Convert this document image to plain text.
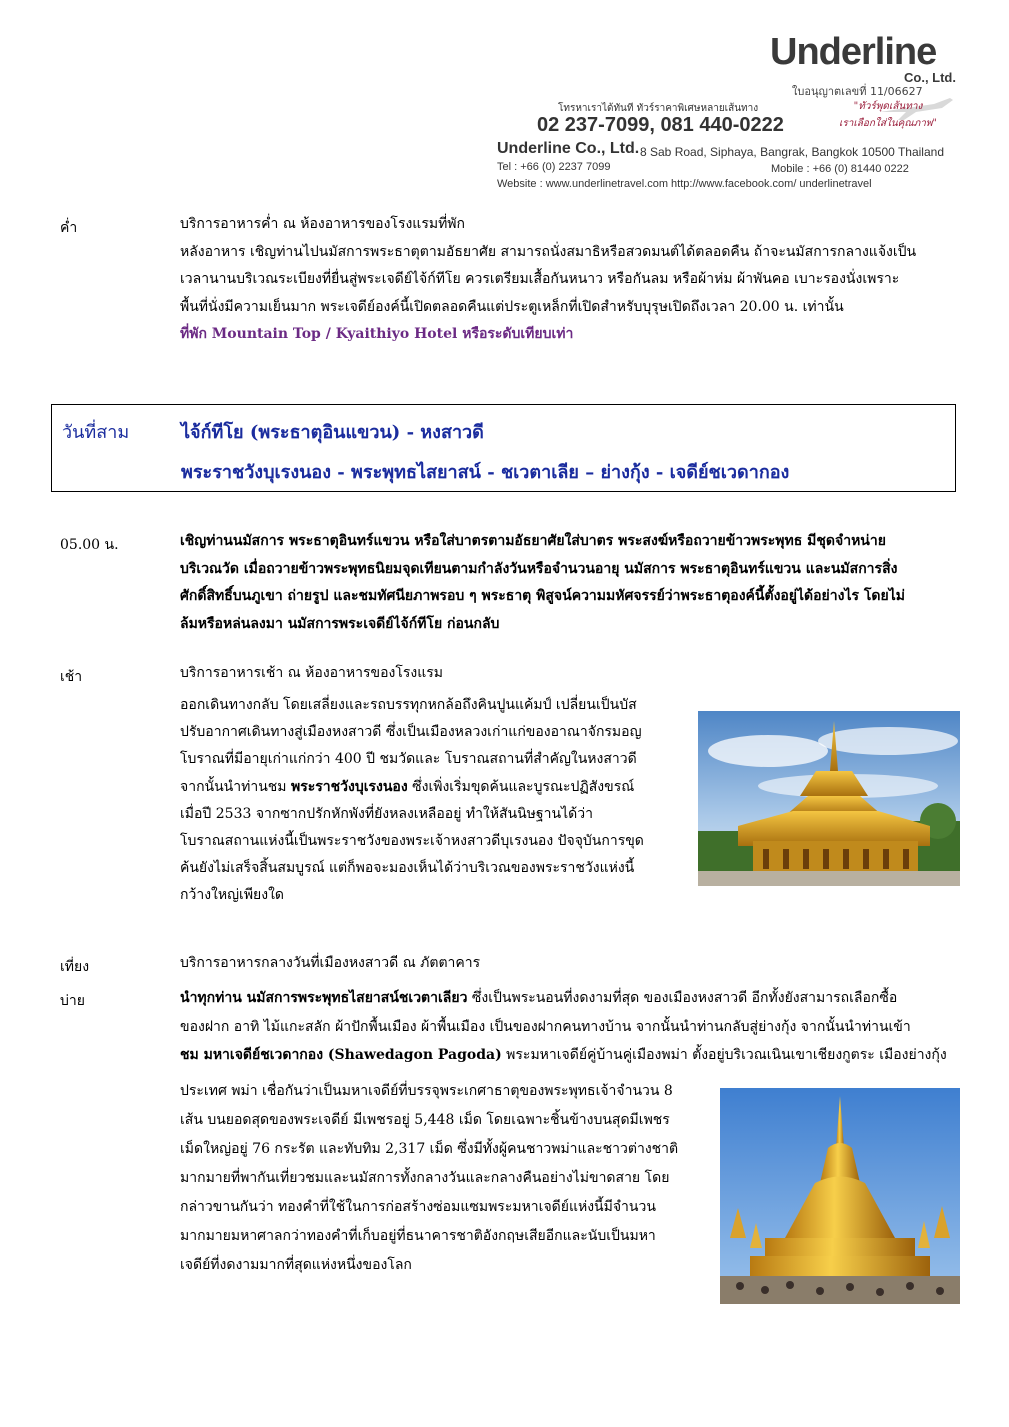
Underline
Co., Ltd.
ใบอนุญาตเลขที่ 11/06627
โทรหาเราได้ทันที ทัวร์ราคาพิเศษหลายเส้นทาง	"ทัวร์พุดเส้นทาง
เราเลือกใส่ในคุณภาพ"
02 237-7099, 081 440-0222
Underline Co., Ltd. 8 Sab Road, Siphaya, Bangrak, Bangkok 10500 Thailand
Tel : +66 (0) 2237 7099	Mobile : +66 (0) 81440 0222
Website : www.underlinetravel.com http://www.facebook.com/ underlinetravel
ค่ำ	บริการอาหารค่ำ ณ ห้องอาหารของโรงแรมที่พัก

หลังอาหาร เชิญท่านไปนมัสการพระธาตุตามอัธยาศัย สามารถนั่งสมาธิหรือสวดมนต์ได้ตลอดคืน ถ้าจะนมัสการกลางแจ้งเป็น

เวลานานบริเวณระเบียงที่ยื่นสู่พระเจดีย์ไจ้ก์ทีโย ควรเตรียมเสื้อกันหนาว หรือกันลม หรือผ้าห่ม ผ้าพันคอ เบาะรองนั่งเพราะ

พื้นที่นั่งมีความเย็นมาก พระเจดีย์องค์นี้เปิดตลอดคืนแต่ประตูเหล็กที่เปิดสำหรับบุรุษเปิดถึงเวลา 20.00 น. เท่านั้น

ที่พัก Mountain Top / Kyaithiyo Hotel หรือระดับเทียบเท่า

วันที่สาม	ไจ้ก์ทีโย (พระธาตุอินแขวน) - หงสาวดี
พระราชวังบุเรงนอง - พระพุทธไสยาสน์ - ชเวตาเลีย – ย่างกุ้ง - เจดีย์ชเวดากอง
05.00 น.	เชิญท่านนมัสการ พระธาตุอินทร์แขวน หรือใส่บาตรตามอัธยาศัยใส่บาตร พระสงฆ์หรือถวายข้าวพระพุทธ มีชุดจำหน่าย

บริเวณวัด เมื่อถวายข้าวพระพุทธนิยมจุดเทียนตามกำลังวันหรือจำนวนอายุ นมัสการ พระธาตุอินทร์แขวน และนมัสการสิ่ง

ศักดิ์สิทธิ์บนภูเขา ถ่ายรูป และชมทัศนียภาพรอบ ๆ พระธาตุ พิสูจน์ความมหัศจรรย์ว่าพระธาตุองค์นี้ตั้งอยู่ได้อย่างไร โดยไม่

ล้มหรือหล่นลงมา นมัสการพระเจดีย์ไจ้ก์ทีโย ก่อนกลับ

เช้า	บริการอาหารเช้า ณ ห้องอาหารของโรงแรม

ออกเดินทางกลับ โดยเสลี่ยงและรถบรรทุกหกล้อถึงคินปูนแค้มป์ เปลี่ยนเป็นบัส

ปรับอากาศเดินทางสู่เมืองหงสาวดี ซึ่งเป็นเมืองหลวงเก่าแก่ของอาณาจักรมอญ

โบราณที่มีอายุเก่าแก่กว่า 400 ปี ชมวัดและ โบราณสถานที่สำคัญในหงสาวดี

จากนั้นนำท่านชม พระราชวังบุเรงนอง ซึ่งเพิ่งเริ่มขุดค้นและบูรณะปฏิสังขรณ์

เมื่อปี 2533 จากซากปรักหักพังที่ยังหลงเหลืออยู่ ทำให้สันนิษฐานได้ว่า

โบราณสถานแห่งนี้เป็นพระราชวังของพระเจ้าหงสาวดีบุเรงนอง ปัจจุบันการขุด

ค้นยังไม่เสร็จสิ้นสมบูรณ์ แต่ก็พอจะมองเห็นได้ว่าบริเวณของพระราชวังแห่งนี้

กว้างใหญ่เพียงใด

เที่ยง	บริการอาหารกลางวันที่เมืองหงสาวดี ณ ภัตตาคาร
บ่าย	นำทุกท่าน นมัสการพระพุทธไสยาสน์ชเวตาเลียว ซึ่งเป็นพระนอนที่งดงามที่สุด ของเมืองหงสาวดี อีกทั้งยังสามารถเลือกซื้อ

ของฝาก อาทิ ไม้แกะสลัก ผ้าปักพื้นเมือง ผ้าพื้นเมือง เป็นของฝากคนทางบ้าน จากนั้นนำท่านกลับสู่ย่างกุ้ง จากนั้นนำท่านเข้า

ชม มหาเจดีย์ชเวดากอง (Shawedagon Pagoda) พระมหาเจดีย์คู่บ้านคู่เมืองพม่า ตั้งอยู่บริเวณเนินเขาเชียงกูตระ เมืองย่างกุ้ง

ประเทศ พม่า เชื่อกันว่าเป็นมหาเจดีย์ที่บรรจุพระเกศาธาตุของพระพุทธเจ้าจำนวน 8

เส้น บนยอดสุดของพระเจดีย์ มีเพชรอยู่ 5,448 เม็ด โดยเฉพาะชิ้นข้างบนสุดมีเพชร

เม็ดใหญ่อยู่ 76 กระรัต และทับทิม 2,317 เม็ด ซึ่งมีทั้งผู้คนชาวพม่าและชาวต่างชาติ

มากมายที่พากันเที่ยวชมและนมัสการทั้งกลางวันและกลางคืนอย่างไม่ขาดสาย โดย

กล่าวขานกันว่า ทองคำที่ใช้ในการก่อสร้างซ่อมแซมพระมหาเจดีย์แห่งนี้มีจำนวน

มากมายมหาศาลกว่าทองคำที่เก็บอยู่ที่ธนาคารชาติอังกฤษเสียอีกและนับเป็นมหา

เจดีย์ที่งดงามมากที่สุดแห่งหนึ่งของโลก
